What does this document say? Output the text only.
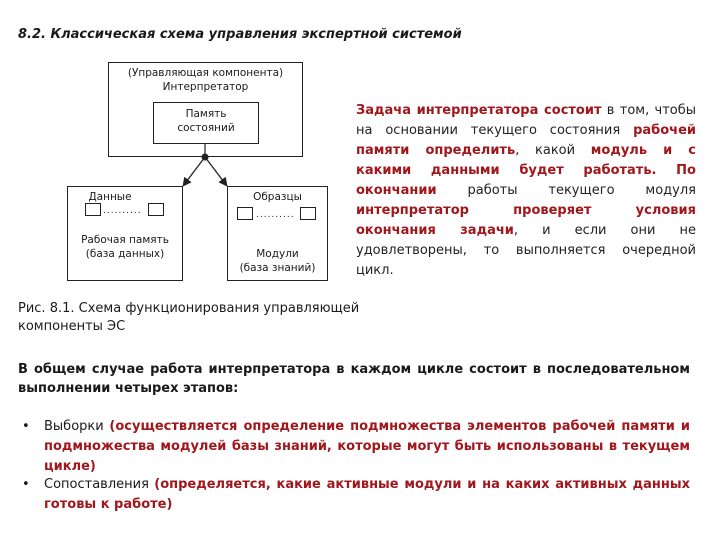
8.2. Классическая схема управления экспертной системой
(Управляющая компонента)
Интерпретатор
Память
состояний
Данные
..........
Рабочая память
(база данных)
Образцы
..........
Модули
(база знаний)
Задача интерпретатора состоит в том, чтобы на основании текущего состояния рабочей памяти определить, какой модуль и с какими данными будет работать. По окончании работы текущего модуля интерпретатор проверяет условия окончания задачи, и если они не удовлетворены, то выполняется очередной цикл.
Рис. 8.1. Схема функционирования управляющей компоненты ЭС
В общем случае работа интерпретатора в каждом цикле состоит в последовательном выполнении четырех этапов:
• Выборки (осуществляется определение подмножества элементов рабочей памяти и подмножества модулей базы знаний, которые могут быть использованы в текущем цикле)
• Сопоставления (определяется, какие активные модули и на каких активных данных готовы к работе)
